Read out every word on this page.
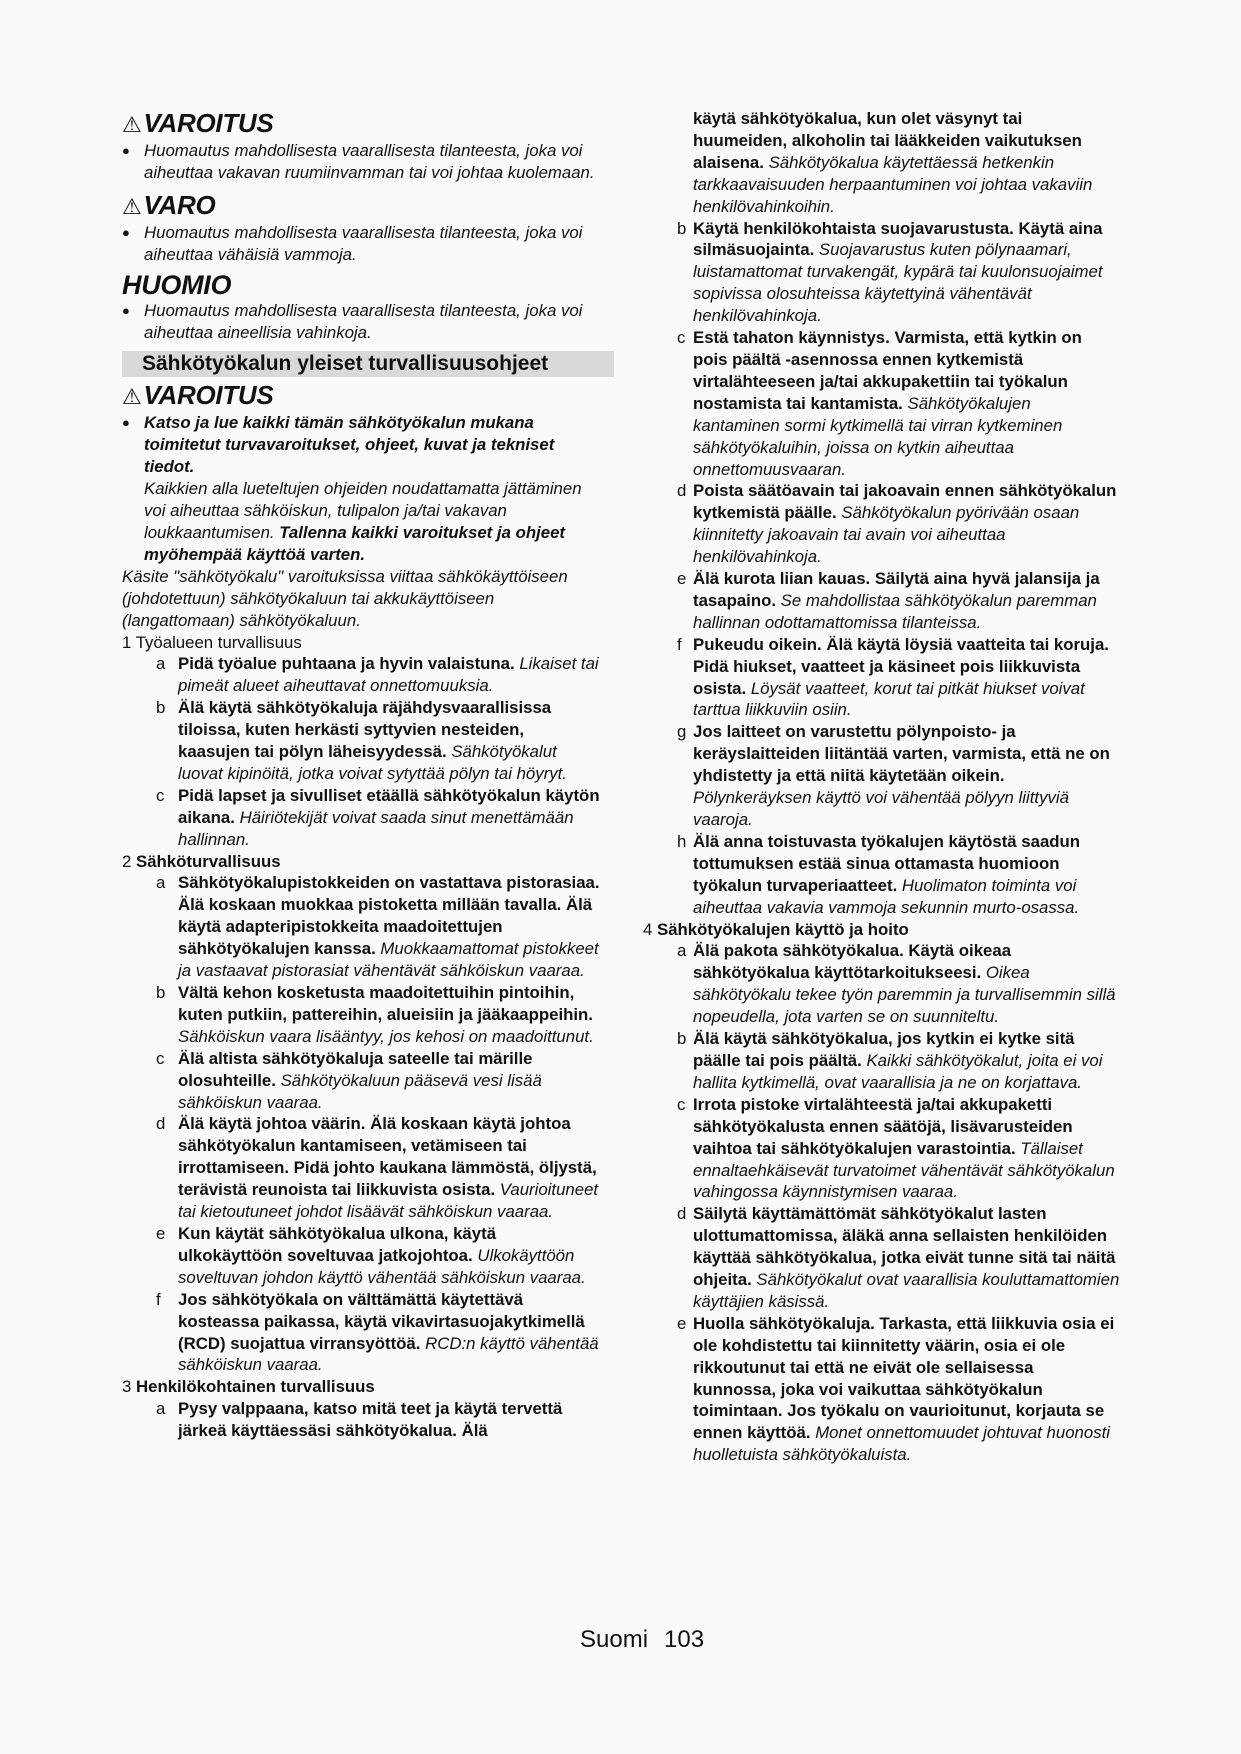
⚠VAROITUS

● Huomautus mahdollisesta vaarallisesta tilanteesta, joka voi aiheuttaa vakavan ruumiinvamman tai voi johtaa kuolemaan.

⚠VARO

● Huomautus mahdollisesta vaarallisesta tilanteesta, joka voi aiheuttaa vähäisiä vammoja.

HUOMIO

● Huomautus mahdollisesta vaarallisesta tilanteesta, joka voi aiheuttaa aineellisia vahinkoja.

Sähkötyökalun yleiset turvallisuusohjeet
⚠VAROITUS

● Katso ja lue kaikki tämän sähkötyökalun mukana toimitetut turvavaroitukset, ohjeet, kuvat ja tekniset tiedot.

Kaikkien alla lueteltujen ohjeiden noudattamatta jättäminen voi aiheuttaa sähköiskun, tulipalon ja/tai vakavan loukkaantumisen. Tallenna kaikki varoitukset ja ohjeet myöhempää käyttöä varten.

Käsite "sähkötyökalu" varoituksissa viittaa sähkökäyttöiseen (johdotettuun) sähkötyökaluun tai akkukäyttöiseen (langattomaan) sähkötyökaluun.

1 Työalueen turvallisuus

a Pidä työalue puhtaana ja hyvin valaistuna. Likaiset tai pimeät alueet aiheuttavat onnettomuuksia.

b Älä käytä sähkötyökaluja räjähdysvaarallisissa tiloissa, kuten herkästi syttyvien nesteiden, kaasujen tai pölyn läheisyydessä. Sähkötyökalut luovat kipinöitä, jotka voivat sytyttää pölyn tai höyryt.

c Pidä lapset ja sivulliset etäällä sähkötyökalun käytön aikana. Häiriötekijät voivat saada sinut menettämään hallinnan.

2 Sähköturvallisuus

a Sähkötyökalupistokkeiden on vastattava pistorasiaa. Älä koskaan muokkaa pistoketta millään tavalla. Älä käytä adapteripistokkeita maadoitettujen sähkötyökalujen kanssa. Muokkaamattomat pistokkeet ja vastaavat pistorasiat vähentävät sähköiskun vaaraa.

b Vältä kehon kosketusta maadoitettuihin pintoihin, kuten putkiin, pattereihin, alueisiin ja jääkaappeihin. Sähköiskun vaara lisääntyy, jos kehosi on maadoittunut.

c Älä altista sähkötyökaluja sateelle tai märille olosuhteille. Sähkötyökaluun pääsevä vesi lisää sähköiskun vaaraa.

d Älä käytä johtoa väärin. Älä koskaan käytä johtoa sähkötyökalun kantamiseen, vetämiseen tai irrottamiseen. Pidä johto kaukana lämmöstä, öljystä, terävistä reunoista tai liikkuvista osista. Vaurioituneet tai kietoutuneet johdot lisäävät sähköiskun vaaraa.

e Kun käytät sähkötyökalua ulkona, käytä ulkokäyttöön soveltuvaa jatkojohtoa. Ulkokäyttöön soveltuvan johdon käyttö vähentää sähköiskun vaaraa.

f Jos sähkötyökala on välttämättä käytettävä kosteassa paikassa, käytä vikavirtasuojakytkimellä (RCD) suojattua virransyöttöä. RCD:n käyttö vähentää sähköiskun vaaraa.

3 Henkilökohtainen turvallisuus

a Pysy valppaana, katso mitä teet ja käytä tervettä järkeä käyttäessäsi sähkötyökalua. Älä

käytä sähkötyökalua, kun olet väsynyt tai huumeiden, alkoholin tai lääkkeiden vaikutuksen alaisena. Sähkötyökalua käytettäessä hetkenkin tarkkaavaisuuden herpaantuminen voi johtaa vakaviin henkilövahinkoihin.

b Käytä henkilökohtaista suojavarustusta. Käytä aina silmäsuojainta. Suojavarustus kuten pölynaamari, luistamattomat turvakengät, kypärä tai kuulonsuojaimet sopivissa olosuhteissa käytettyinä vähentävät henkilövahinkoja.

c Estä tahaton käynnistys. Varmista, että kytkin on pois päältä -asennossa ennen kytkemistä virtalähteeseen ja/tai akkupakettiin tai työkalun nostamista tai kantamista. Sähkötyökalujen kantaminen sormi kytkimellä tai virran kytkeminen sähkötyökaluihin, joissa on kytkin aiheuttaa onnettomuusvaaran.

d Poista säätöavain tai jakoavain ennen sähkötyökalun kytkemistä päälle. Sähkötyökalun pyörivään osaan kiinnitetty jakoavain tai avain voi aiheuttaa henkilövahinkoja.

e Älä kurota liian kauas. Säilytä aina hyvä jalansija ja tasapaino. Se mahdollistaa sähkötyökalun paremman hallinnan odottamattomissa tilanteissa.

f Pukeudu oikein. Älä käytä löysiä vaatteita tai koruja. Pidä hiukset, vaatteet ja käsineet pois liikkuvista osista. Löysät vaatteet, korut tai pitkät hiukset voivat tarttua liikkuviin osiin.

g Jos laitteet on varustettu pölynpoisto- ja keräyslaitteiden liitäntää varten, varmista, että ne on yhdistetty ja että niitä käytetään oikein. Pölynkeräyksen käyttö voi vähentää pölyyn liittyviä vaaroja.

h Älä anna toistuvasta työkalujen käytöstä saadun tottumuksen estää sinua ottamasta huomioon työkalun turvaperiaatteet. Huolimaton toiminta voi aiheuttaa vakavia vammoja sekunnin murto-osassa.

4 Sähkötyökalujen käyttö ja hoito

a Älä pakota sähkötyökalua. Käytä oikeaa sähkötyökalua käyttötarkoitukseesi. Oikea sähkötyökalu tekee työn paremmin ja turvallisemmin sillä nopeudella, jota varten se on suunniteltu.

b Älä käytä sähkötyökalua, jos kytkin ei kytke sitä päälle tai pois päältä. Kaikki sähkötyökalut, joita ei voi hallita kytkimellä, ovat vaarallisia ja ne on korjattava.

c Irrota pistoke virtalähteestä ja/tai akkupaketti sähkötyökalusta ennen säätöjä, lisävarusteiden vaihtoa tai sähkötyökalujen varastointia. Tällaiset ennaltaehkäisevät turvatoimet vähentävät sähkötyökalun vahingossa käynnistymisen vaaraa.

d Säilytä käyttämättömät sähkötyökalut lasten ulottumattomissa, äläkä anna sellaisten henkilöiden käyttää sähkötyökalua, jotka eivät tunne sitä tai näitä ohjeita. Sähkötyökalut ovat vaarallisia kouluttamattomien käyttäjien käsissä.

e Huolla sähkötyökaluja. Tarkasta, että liikkuvia osia ei ole kohdistettu tai kiinnitetty väärin, osia ei ole rikkoutunut tai että ne eivät ole sellaisessa kunnossa, joka voi vaikuttaa sähkötyökalun toimintaan. Jos työkalu on vaurioitunut, korjauta se ennen käyttöä. Monet onnettomuudet johtuvat huonosti huolletuista sähkötyökaluista.

Suomi 103
